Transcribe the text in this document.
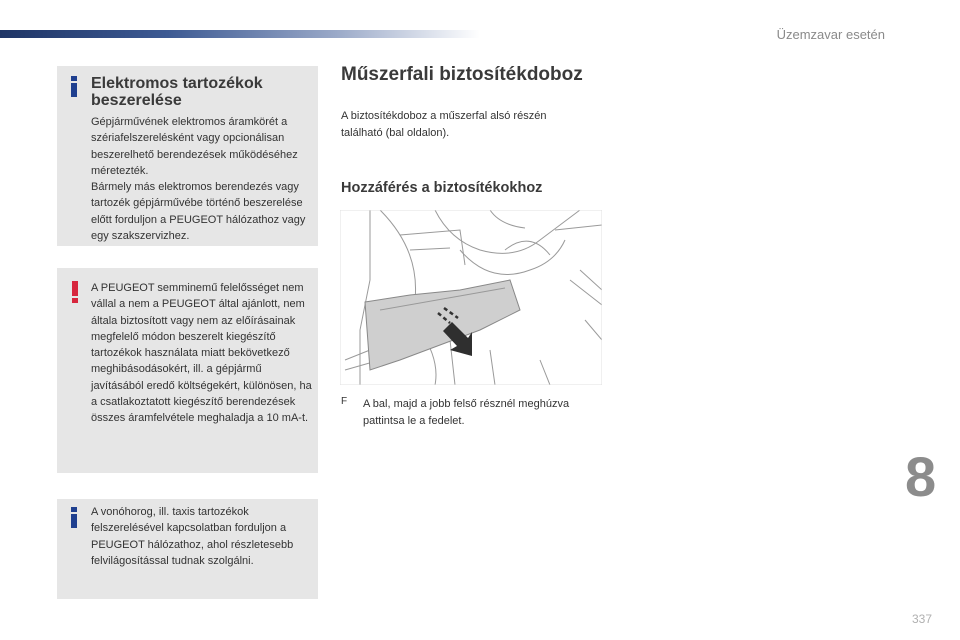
Üzemzavar esetén
Elektromos tartozékok beszerelése

Gépjárművének elektromos áramkörét a szériafelszerelésként vagy opcionálisan beszerelhető berendezések működéséhez méretezték.
Bármely más elektromos berendezés vagy tartozék gépjárművébe történő beszerelése előtt forduljon a PEUGEOT hálózathoz vagy egy szakszervizhez.

A PEUGEOT semminemű felelősséget nem vállal a nem a PEUGEOT által ajánlott, nem általa biztosított vagy nem az előírásainak megfelelő módon beszerelt kiegészítő tartozékok használata miatt bekövetkező meghibásodásokért, ill. a gépjármű javításából eredő költségekért, különösen, ha a csatlakoztatott kiegészítő berendezések összes áramfelvétele meghaladja a 10 mA-t.

A vonóhorog, ill. taxis tartozékok felszerelésével kapcsolatban forduljon a PEUGEOT hálózathoz, ahol részletesebb felvilágosítással tudnak szolgálni.

Műszerfali biztosítékdoboz

A biztosítékdoboz a műszerfal alsó részén található (bal oldalon).

Hozzáférés a biztosítékokhoz
F A bal, majd a jobb felső résznél meghúzva pattintsa le a fedelet.

8
337
